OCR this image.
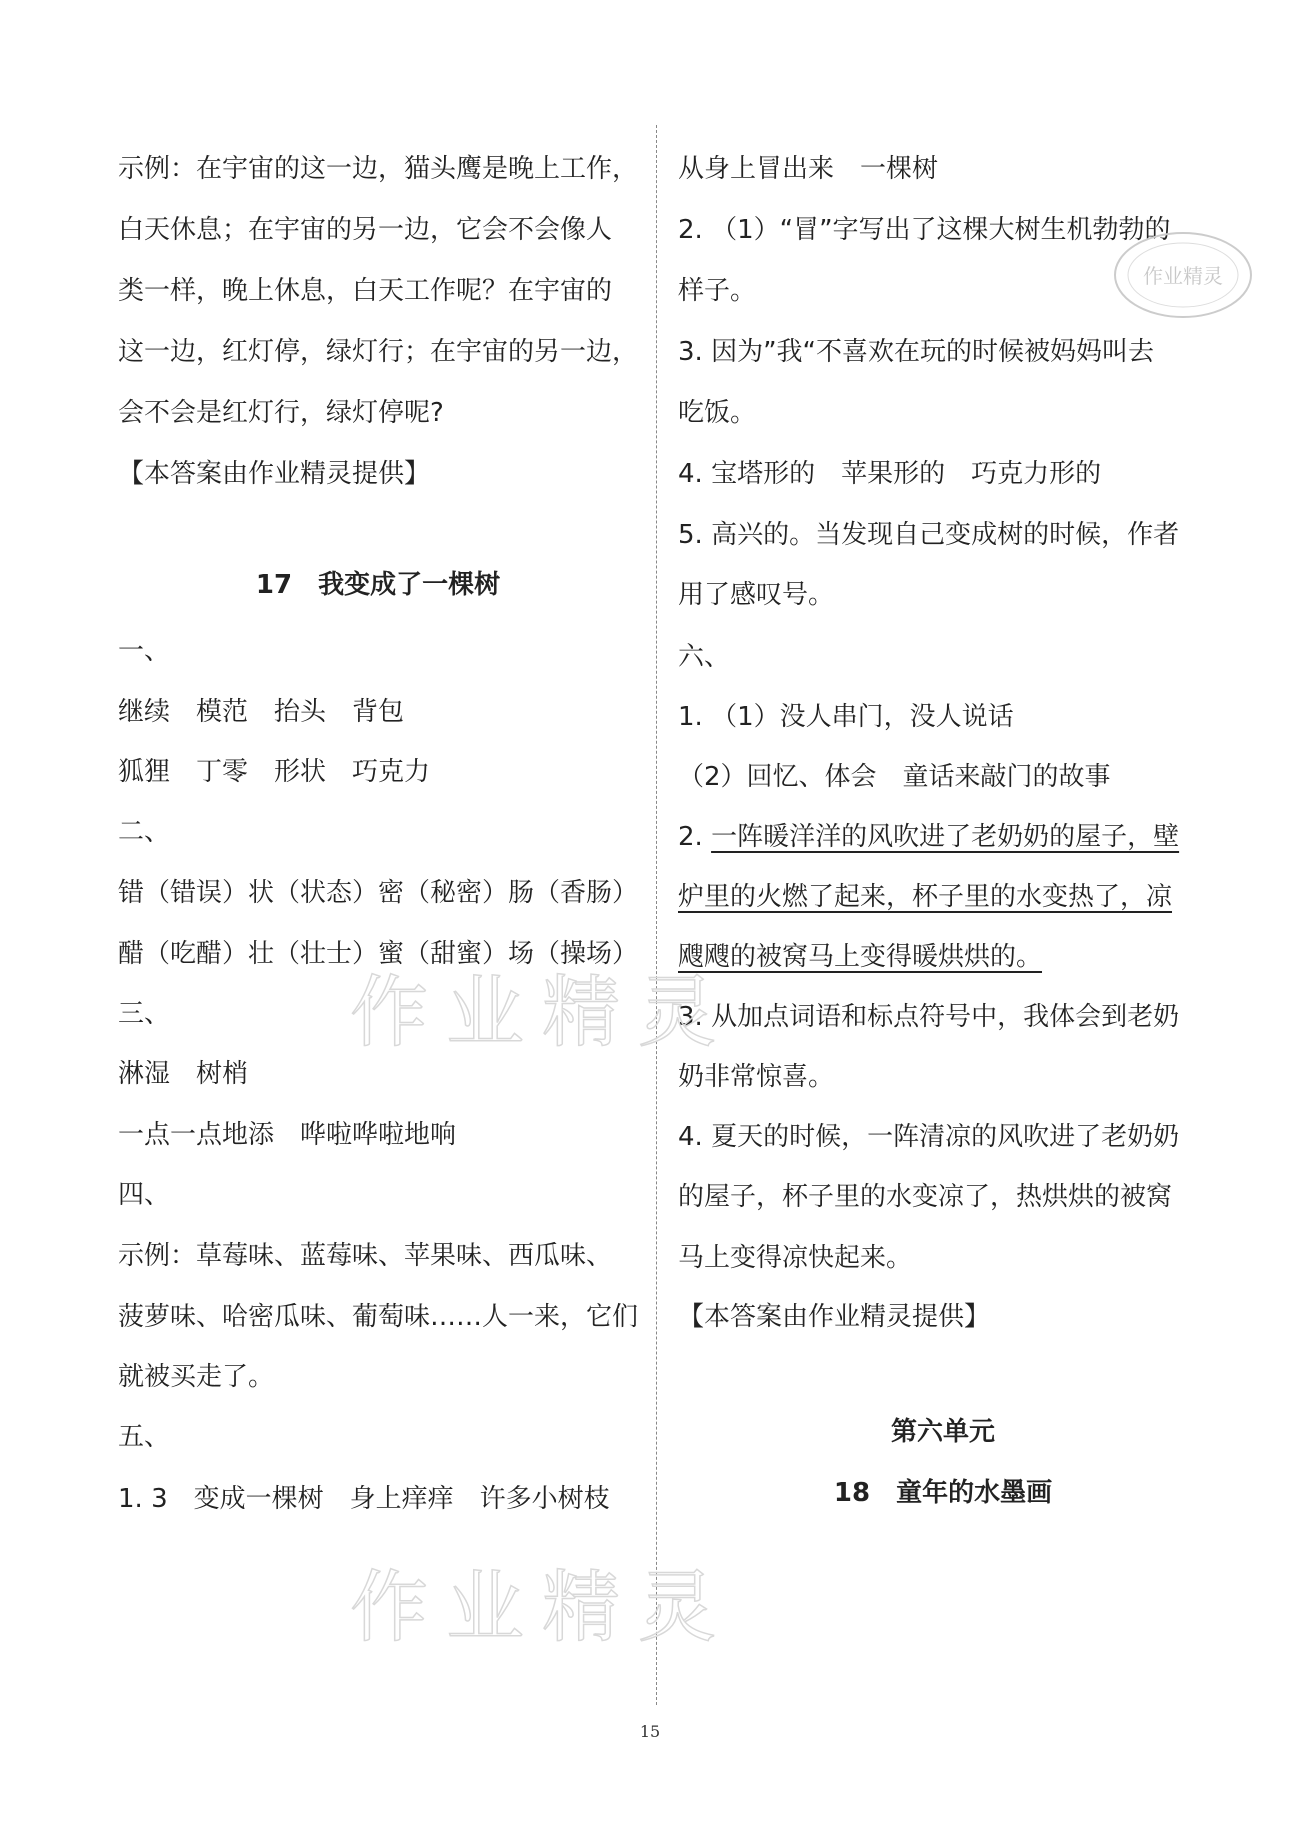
示例：在宇宙的这一边，猫头鹰是晚上工作，
白天休息；在宇宙的另一边，它会不会像人
类一样，晚上休息，白天工作呢？在宇宙的
这一边，红灯停，绿灯行；在宇宙的另一边，
会不会是红灯行，绿灯停呢?
【本答案由作业精灵提供】
17　我变成了一棵树
一、
继续　模范　抬头　背包
狐狸　丁零　形状　巧克力
二、
错（错误）状（状态）密（秘密）肠（香肠）
醋（吃醋）壮（壮士）蜜（甜蜜）场（操场）
三、
淋湿　树梢
一点一点地添　哗啦哗啦地响
四、
示例：草莓味、蓝莓味、苹果味、西瓜味、
菠萝味、哈密瓜味、葡萄味……人一来，它们
就被买走了。
五、
1. 3　变成一棵树　身上痒痒　许多小树枝
从身上冒出来　一棵树
2. （1）“冒”字写出了这棵大树生机勃勃的
样子。
3. 因为”我“不喜欢在玩的时候被妈妈叫去
吃饭。
4. 宝塔形的　苹果形的　巧克力形的
5. 高兴的。当发现自己变成树的时候，作者
用了感叹号。
六、
1. （1）没人串门，没人说话
（2）回忆、体会　童话来敲门的故事
2. 一阵暖洋洋的风吹进了老奶奶的屋子，壁
炉里的火燃了起来，杯子里的水变热了，凉
飕飕的被窝马上变得暖烘烘的。
3. 从加点词语和标点符号中，我体会到老奶
奶非常惊喜。
4. 夏天的时候，一阵清凉的风吹进了老奶奶
的屋子，杯子里的水变凉了，热烘烘的被窝
马上变得凉快起来。
【本答案由作业精灵提供】
第六单元
18　童年的水墨画
作业精灵
作业精灵
作业精灵
15
